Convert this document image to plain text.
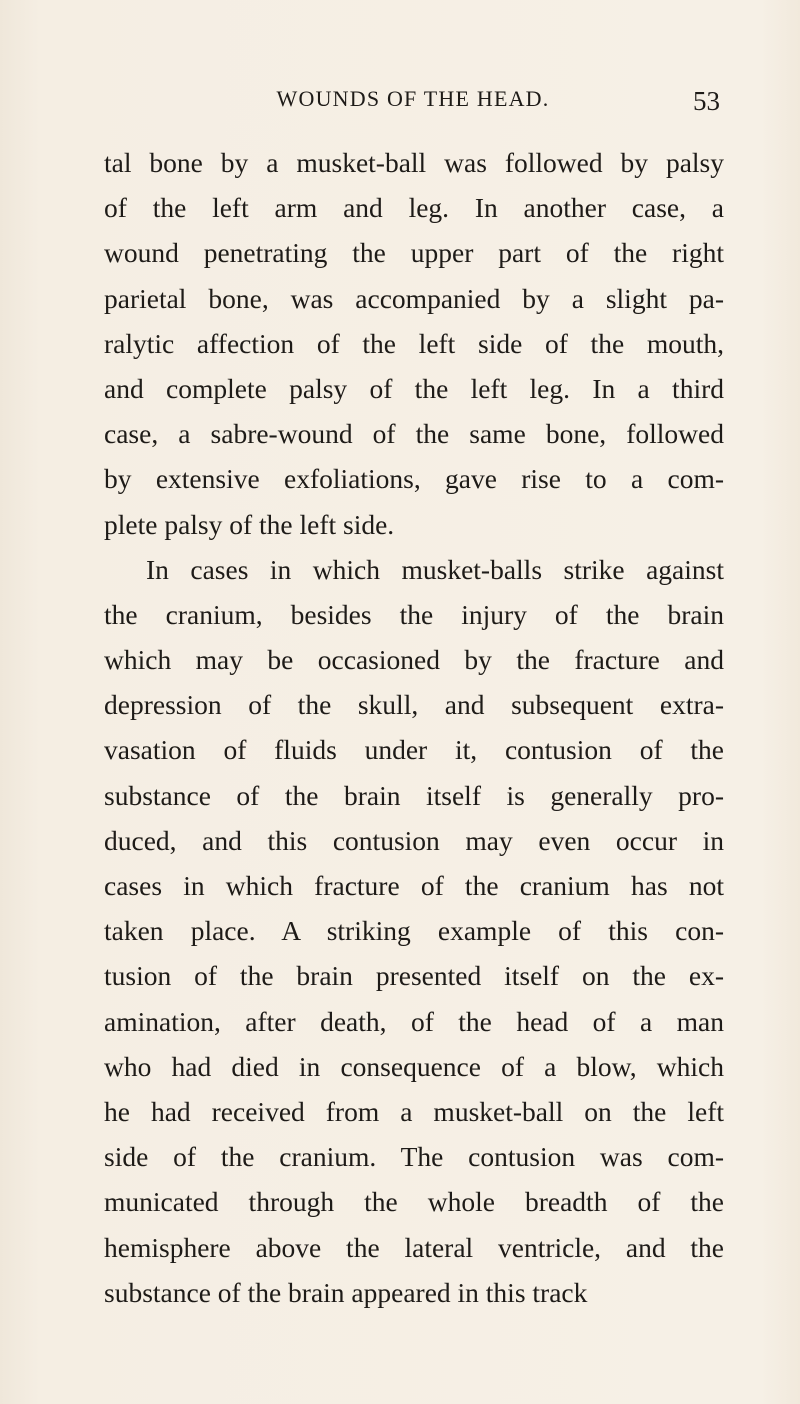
WOUNDS OF THE HEAD.	53

tal bone by a musket-ball was followed by palsy
of the left arm and leg. In another case, a
wound penetrating the upper part of the right
parietal bone, was accompanied by a slight pa-
ralytic affection of the left side of the mouth,
and complete palsy of the left leg. In a third
case, a sabre-wound of the same bone, followed
by extensive exfoliations, gave rise to a com-
plete palsy of the left side.
In cases in which musket-balls strike against
the cranium, besides the injury of the brain
which may be occasioned by the fracture and
depression of the skull, and subsequent extra-
vasation of fluids under it, contusion of the
substance of the brain itself is generally pro-
duced, and this contusion may even occur in
cases in which fracture of the cranium has not
taken place. A striking example of this con-
tusion of the brain presented itself on the ex-
amination, after death, of the head of a man
who had died in consequence of a blow, which
he had received from a musket-ball on the left
side of the cranium. The contusion was com-
municated through the whole breadth of the
hemisphere above the lateral ventricle, and the
substance of the brain appeared in this track
